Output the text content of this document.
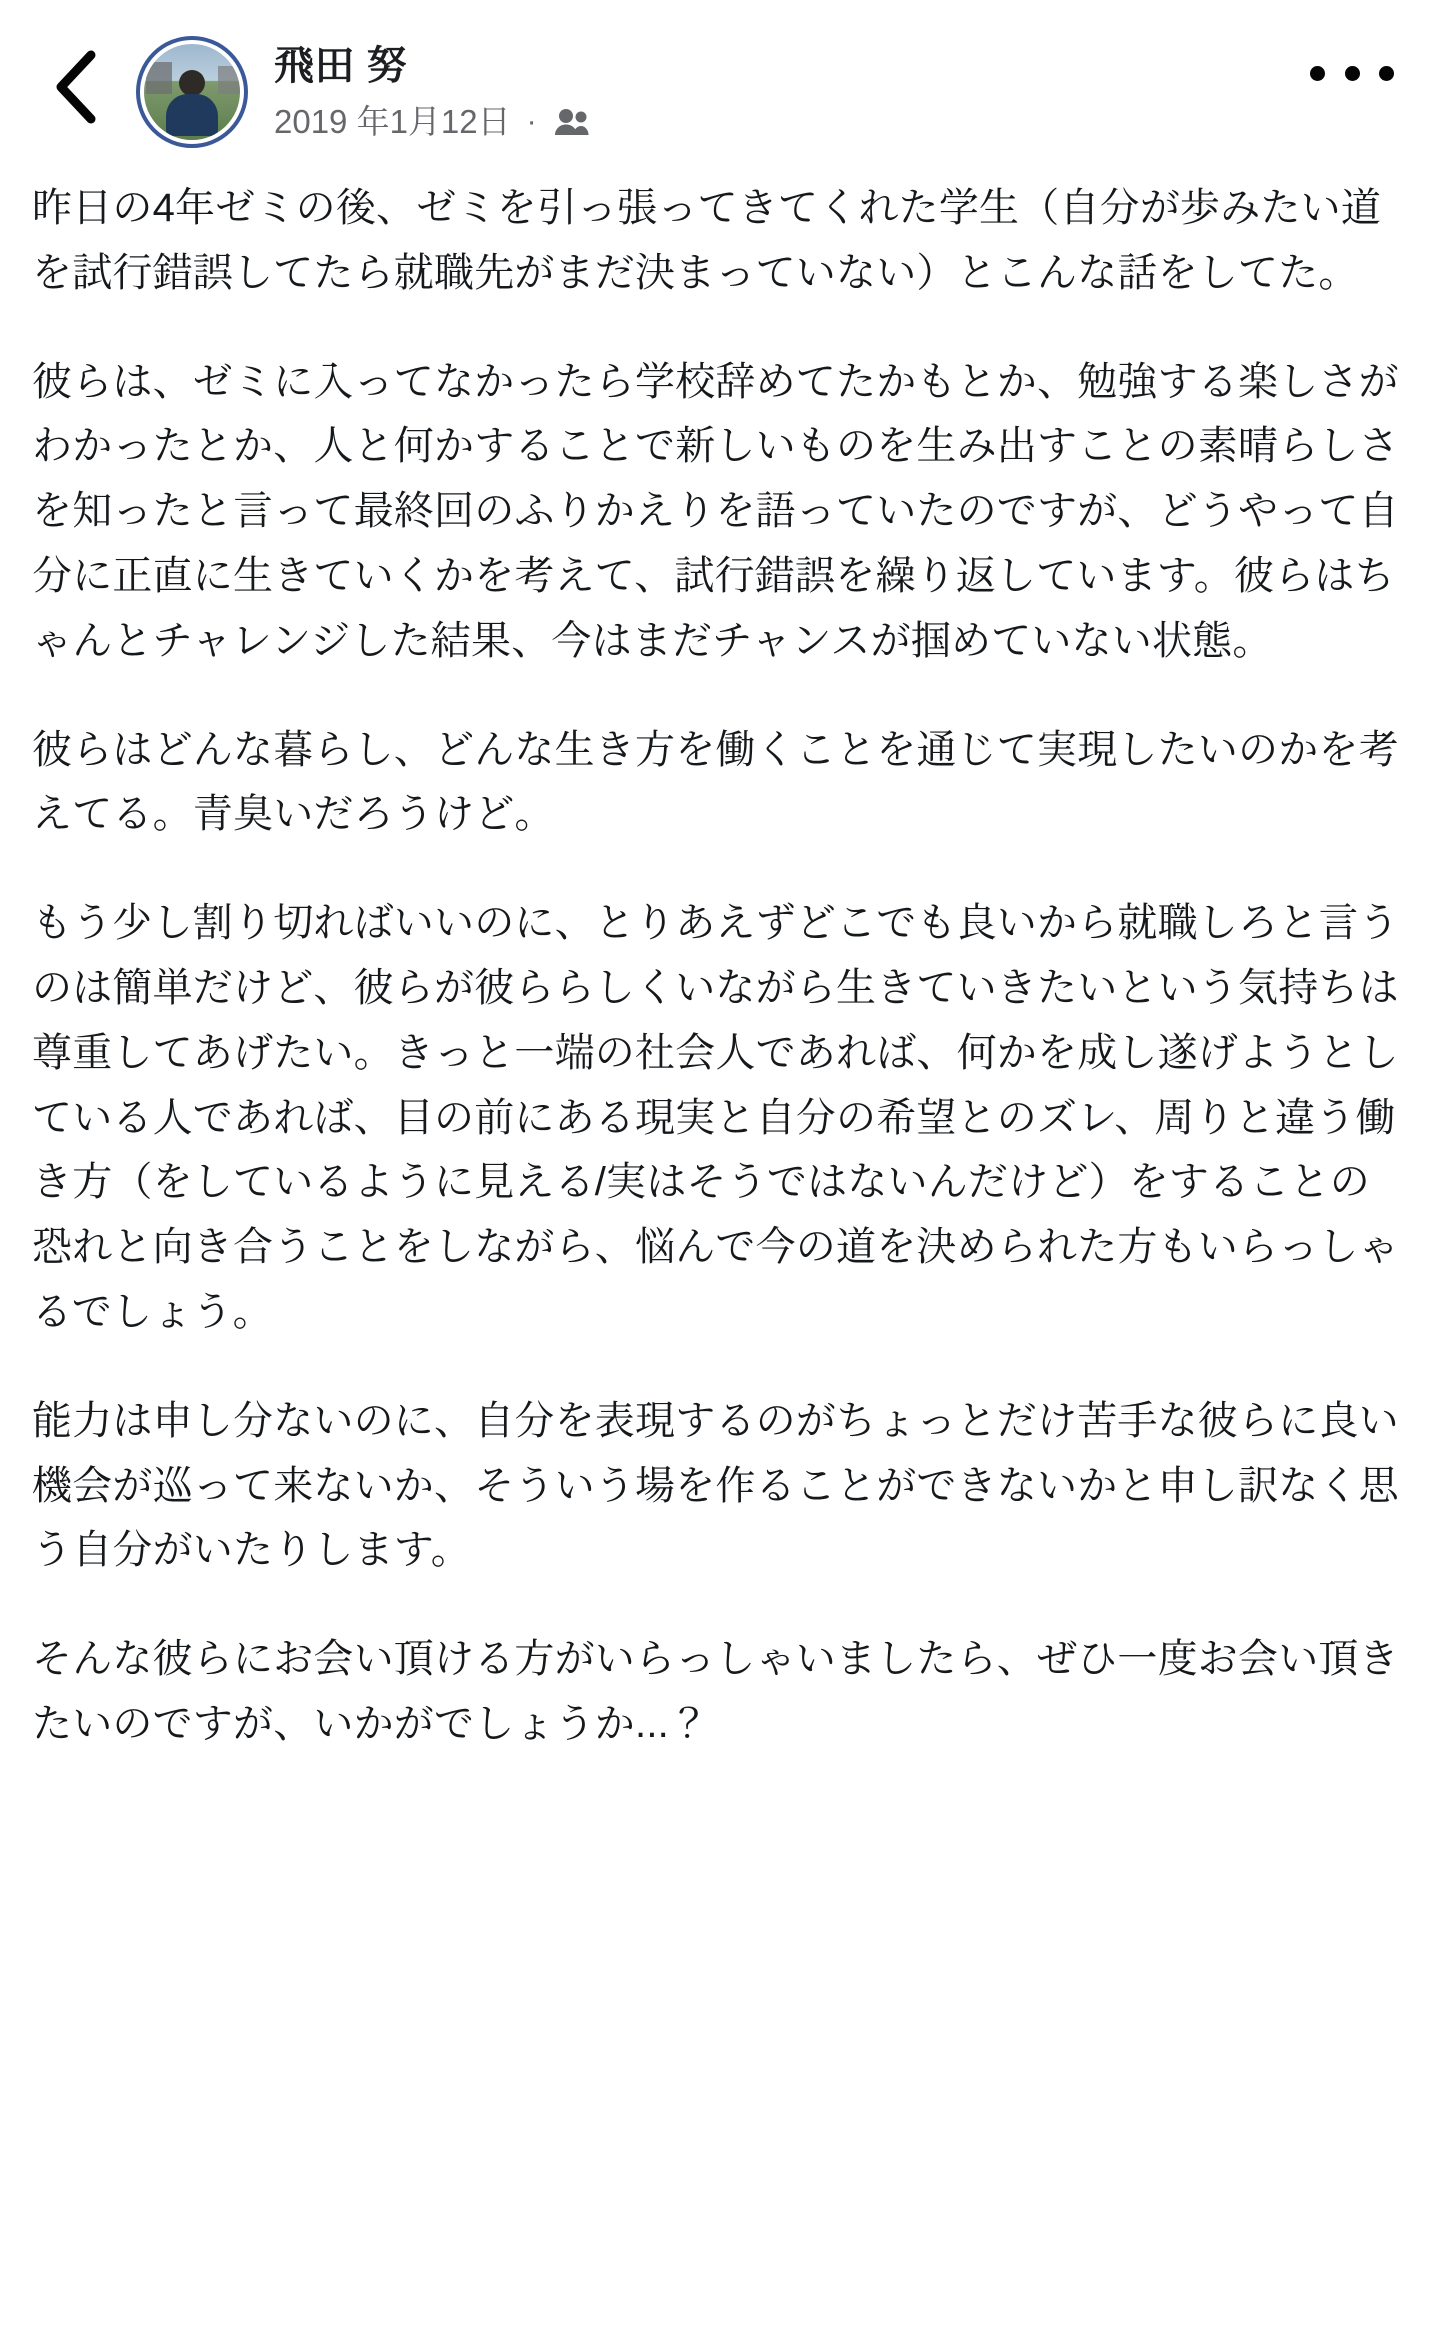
飛田 努
2019 年1月12日 ·

昨日の4年ゼミの後、ゼミを引っ張ってきてくれた学生（自分が歩みたい道を試行錯誤してたら就職先がまだ決まっていない）とこんな話をしてた。

彼らは、ゼミに入ってなかったら学校辞めてたかもとか、勉強する楽しさがわかったとか、人と何かすることで新しいものを生み出すことの素晴らしさを知ったと言って最終回のふりかえりを語っていたのですが、どうやって自分に正直に生きていくかを考えて、試行錯誤を繰り返しています。彼らはちゃんとチャレンジした結果、今はまだチャンスが掴めていない状態。

彼らはどんな暮らし、どんな生き方を働くことを通じて実現したいのかを考えてる。青臭いだろうけど。

もう少し割り切ればいいのに、とりあえずどこでも良いから就職しろと言うのは簡単だけど、彼らが彼ららしくいながら生きていきたいという気持ちは尊重してあげたい。きっと一端の社会人であれば、何かを成し遂げようとしている人であれば、目の前にある現実と自分の希望とのズレ、周りと違う働き方（をしているように見える/実はそうではないんだけど）をすることの恐れと向き合うことをしながら、悩んで今の道を決められた方もいらっしゃるでしょう。

能力は申し分ないのに、自分を表現するのがちょっとだけ苦手な彼らに良い機会が巡って来ないか、そういう場を作ることができないかと申し訳なく思う自分がいたりします。

そんな彼らにお会い頂ける方がいらっしゃいましたら、ぜひ一度お会い頂きたいのですが、いかがでしょうか...？
